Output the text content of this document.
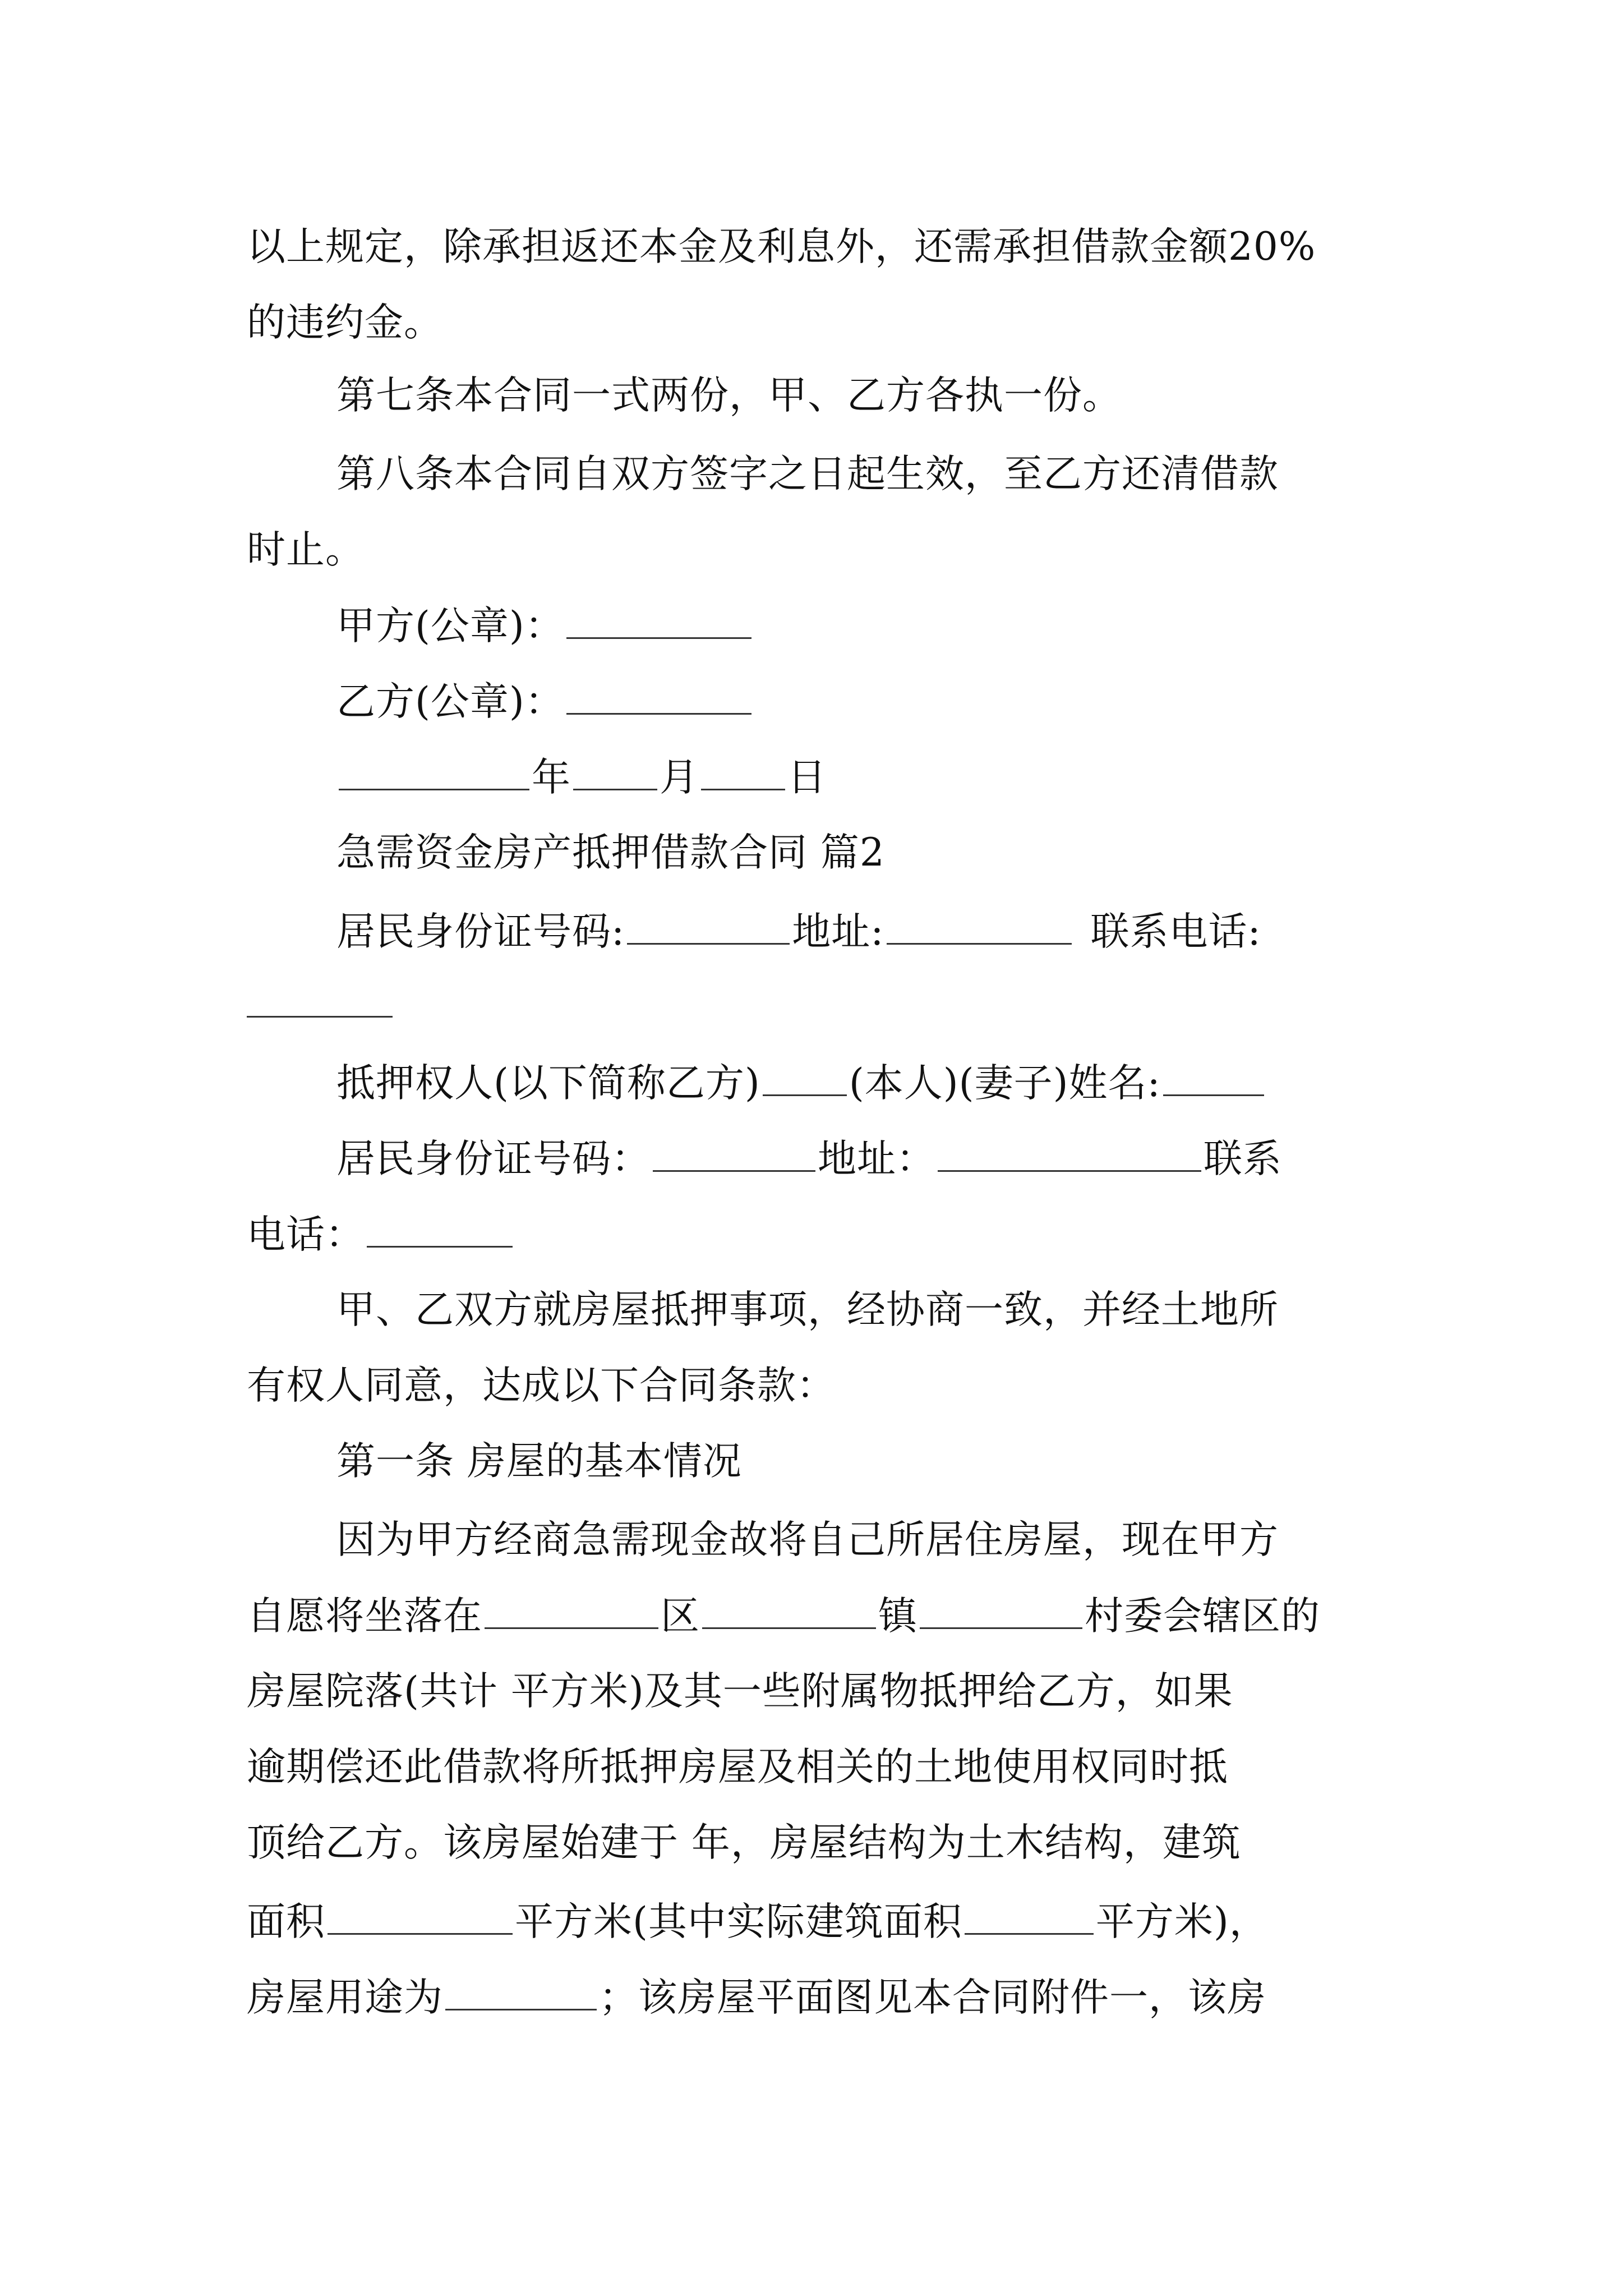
以上规定，除承担返还本金及利息外，还需承担借款金额20%
的违约金。
第七条本合同一式两份，甲、乙方各执一份。
第八条本合同自双方签字之日起生效，至乙方还清借款
时止。
甲方(公章)：
乙方(公章)：
年 月 日
急需资金房产抵押借款合同 篇2
居民身份证号码:	地址:	联系电话:
抵押权人(以下简称乙方) (本人)(妻子)姓名:
居民身份证号码：	地址：	联系
电话：
甲、乙双方就房屋抵押事项，经协商一致，并经土地所
有权人同意，达成以下合同条款：
第一条 房屋的基本情况
因为甲方经商急需现金故将自己所居住房屋，现在甲方
自愿将坐落在	区	镇	村委会辖区的
房屋院落(共计 平方米)及其一些附属物抵押给乙方，如果
逾期偿还此借款将所抵押房屋及相关的土地使用权同时抵
顶给乙方。该房屋始建于 年，房屋结构为土木结构，建筑
面积	平方米(其中实际建筑面积	平方米)，
房屋用途为	；该房屋平面图见本合同附件一，该房
